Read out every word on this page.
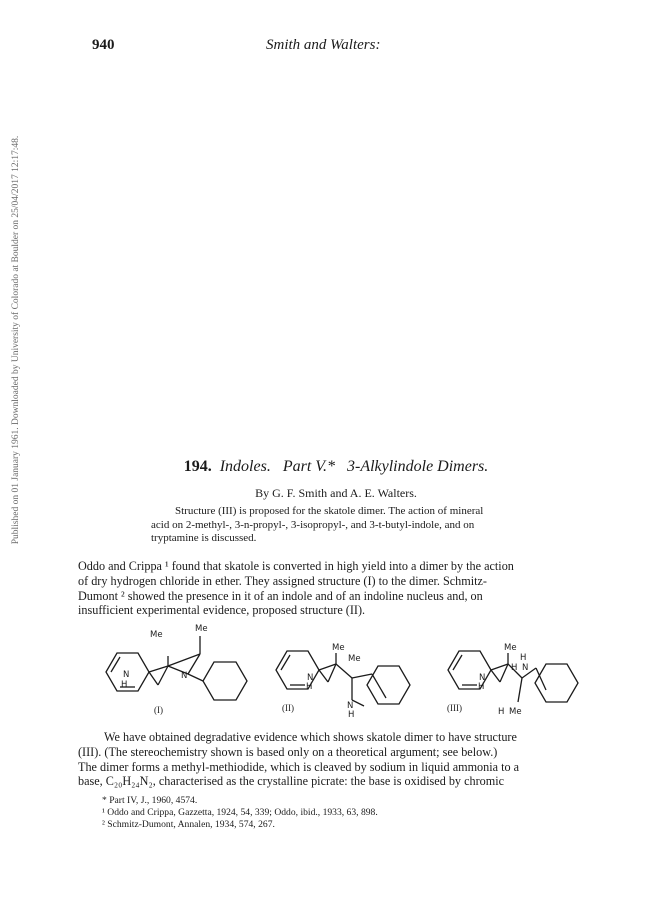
Published on 01 January 1961. Downloaded by University of Colorado at Boulder on 25/04/2017 12:17:48.
940	Smith and Walters:
194. Indoles. Part V.* 3-Alkylindole Dimers.
By G. F. Smith and A. E. Walters.
Structure (III) is proposed for the skatole dimer. The action of mineral
acid on 2-methyl-, 3-n-propyl-, 3-isopropyl-, and 3-t-butyl-indole, and on
tryptamine is discussed.
Oddo and Crippa ¹ found that skatole is converted in high yield into a dimer by the action
of dry hydrogen chloride in ether. They assigned structure (I) to the dimer. Schmitz-
Dumont ² showed the presence in it of an indole and of an indoline nucleus and, on
insufficient experimental evidence, proposed structure (II).
Me
Me
N
H
N
(I)
Me
Me
N
H
N
H
(II)
Me
H
H N
N
H
H Me
(III)
We have obtained degradative evidence which shows skatole dimer to have structure
(III). (The stereochemistry shown is based only on a theoretical argument; see below.)
The dimer forms a methyl-methiodide, which is cleaved by sodium in liquid ammonia to a
base, C₂₀H₂₄N₂, characterised as the crystalline picrate: the base is oxidised by chromic
* Part IV, J., 1960, 4574.
¹ Oddo and Crippa, Gazzetta, 1924, 54, 339; Oddo, ibid., 1933, 63, 898.
² Schmitz-Dumont, Annalen, 1934, 574, 267.
